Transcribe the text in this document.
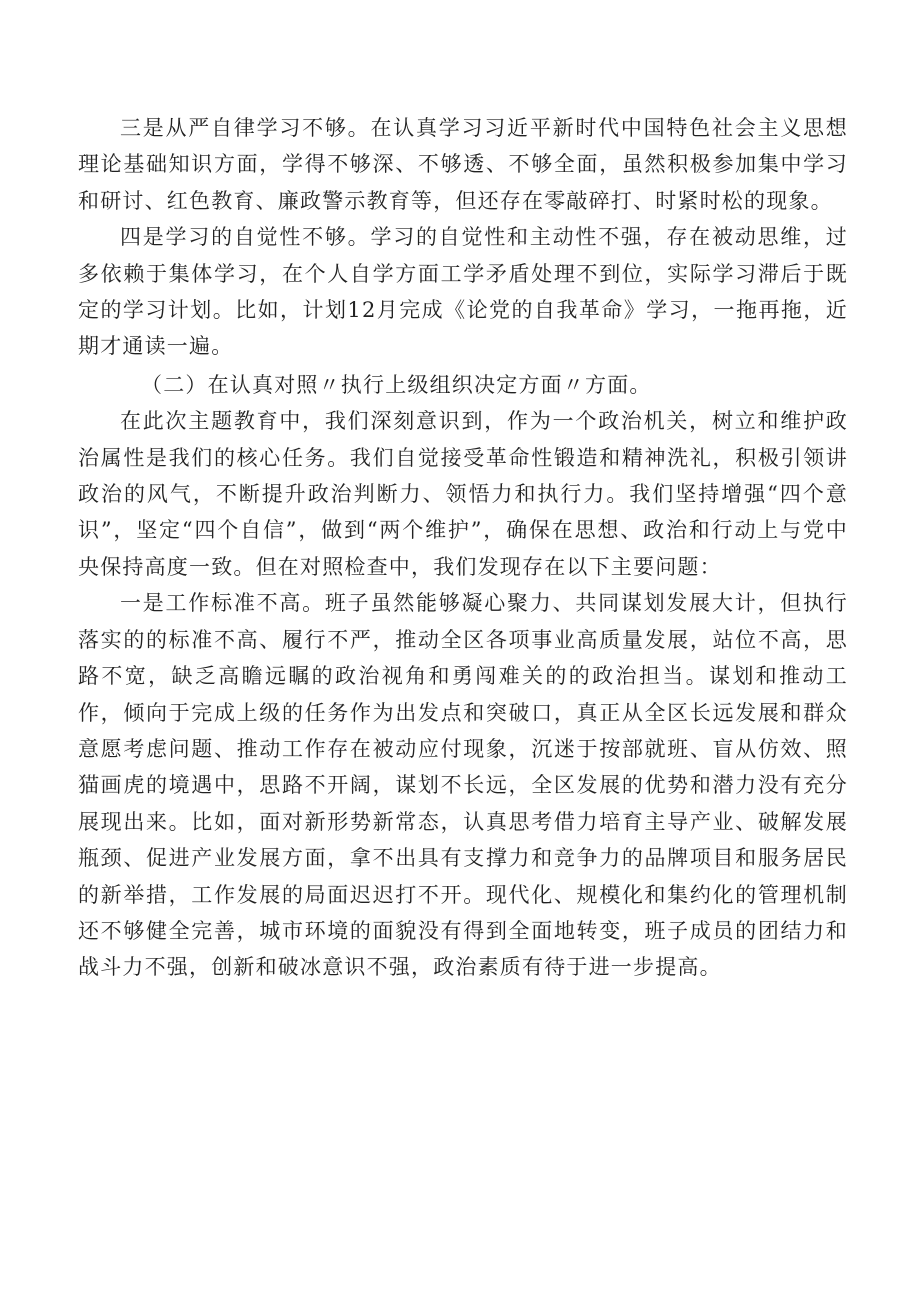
三是从严自律学习不够。在认真学习习近平新时代中国特色社会主义思想理论基础知识方面，学得不够深、不够透、不够全面，虽然积极参加集中学习和研讨、红色教育、廉政警示教育等，但还存在零敲碎打、时紧时松的现象。

四是学习的自觉性不够。学习的自觉性和主动性不强，存在被动思维，过多依赖于集体学习，在个人自学方面工学矛盾处理不到位，实际学习滞后于既定的学习计划。比如，计划12月完成《论党的自我革命》学习，一拖再拖，近期才通读一遍。

（二）在认真对照〃执行上级组织决定方面〃方面。

在此次主题教育中，我们深刻意识到，作为一个政治机关，树立和维护政治属性是我们的核心任务。我们自觉接受革命性锻造和精神洗礼，积极引领讲政治的风气，不断提升政治判断力、领悟力和执行力。我们坚持增强“四个意识”，坚定“四个自信”，做到“两个维护”，确保在思想、政治和行动上与党中央保持高度一致。但在对照检查中，我们发现存在以下主要问题：

一是工作标准不高。班子虽然能够凝心聚力、共同谋划发展大计，但执行落实的的标准不高、履行不严，推动全区各项事业高质量发展，站位不高，思路不宽，缺乏高瞻远瞩的政治视角和勇闯难关的的政治担当。谋划和推动工作，倾向于完成上级的任务作为出发点和突破口，真正从全区长远发展和群众意愿考虑问题、推动工作存在被动应付现象，沉迷于按部就班、盲从仿效、照猫画虎的境遇中，思路不开阔，谋划不长远，全区发展的优势和潜力没有充分展现出来。比如，面对新形势新常态，认真思考借力培育主导产业、破解发展瓶颈、促进产业发展方面，拿不出具有支撑力和竞争力的品牌项目和服务居民的新举措，工作发展的局面迟迟打不开。现代化、规模化和集约化的管理机制还不够健全完善，城市环境的面貌没有得到全面地转变，班子成员的团结力和战斗力不强，创新和破冰意识不强，政治素质有待于进一步提高。
